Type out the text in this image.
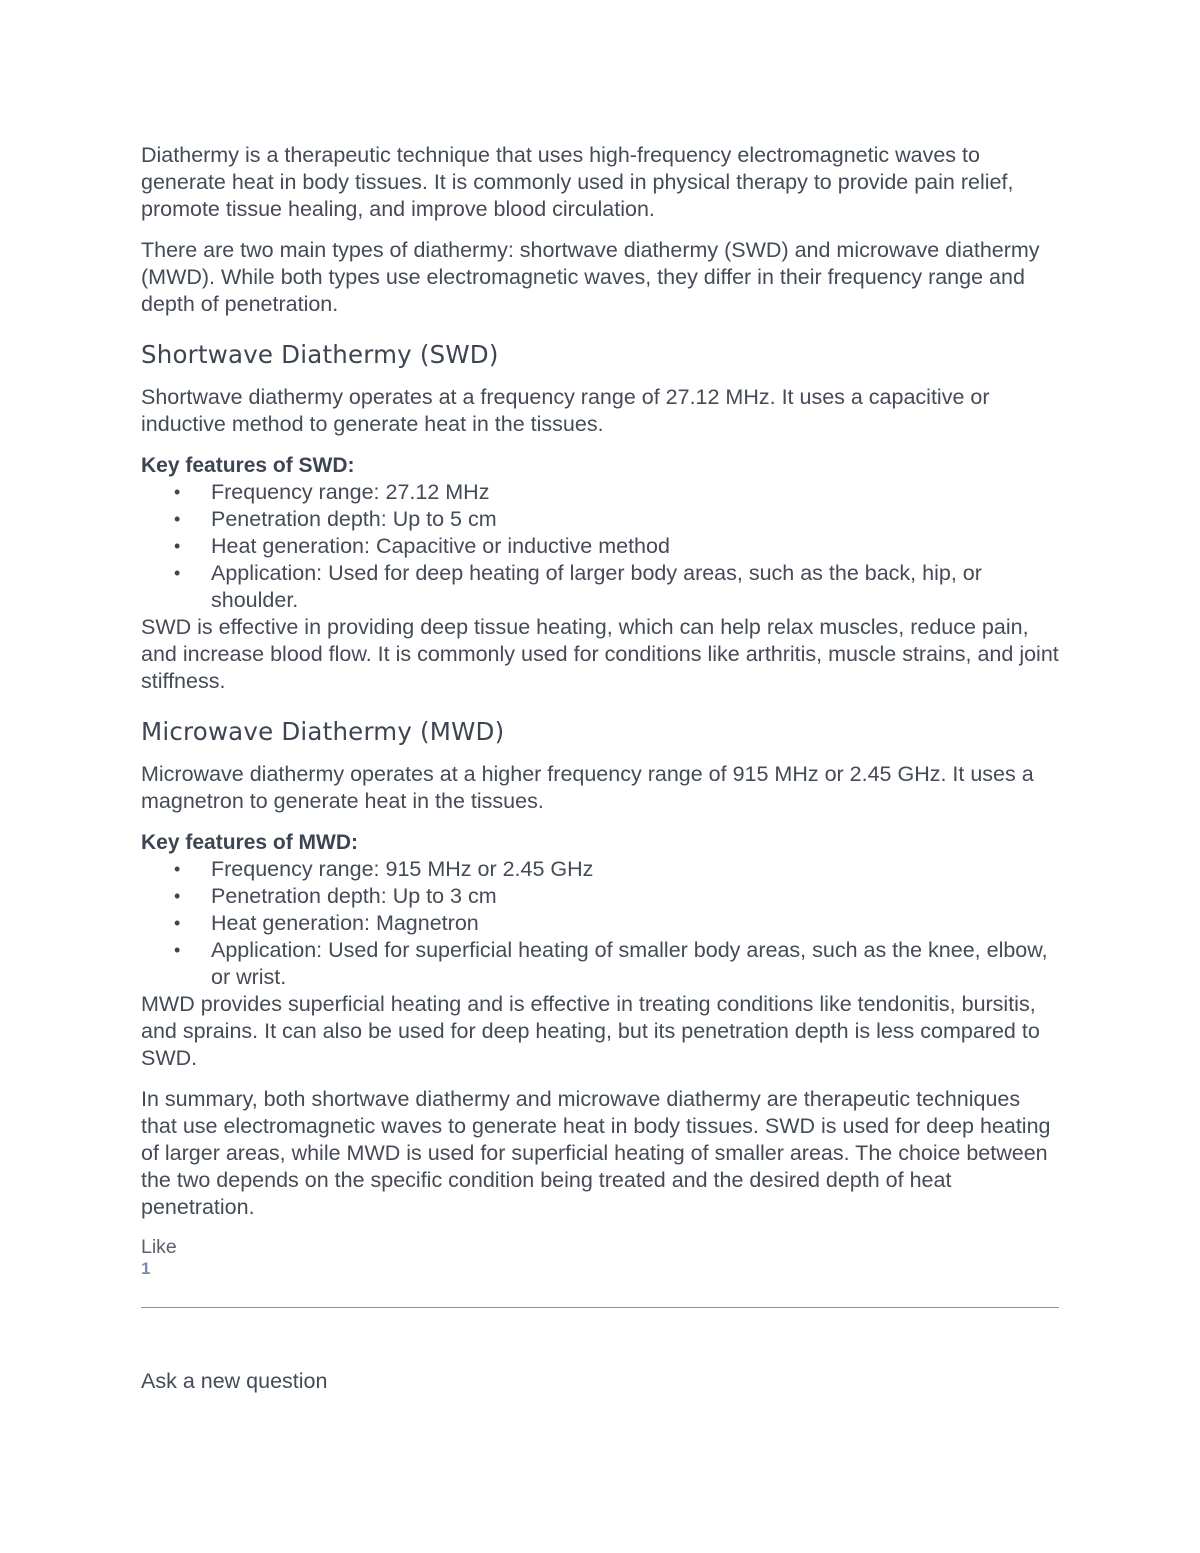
Diathermy is a therapeutic technique that uses high-frequency electromagnetic waves to generate heat in body tissues. It is commonly used in physical therapy to provide pain relief, promote tissue healing, and improve blood circulation.

There are two main types of diathermy: shortwave diathermy (SWD) and microwave diathermy (MWD). While both types use electromagnetic waves, they differ in their frequency range and depth of penetration.

Shortwave Diathermy (SWD)

Shortwave diathermy operates at a frequency range of 27.12 MHz. It uses a capacitive or inductive method to generate heat in the tissues.

Key features of SWD:

• Frequency range: 27.12 MHz
• Penetration depth: Up to 5 cm
• Heat generation: Capacitive or inductive method
• Application: Used for deep heating of larger body areas, such as the back, hip, or shoulder.

SWD is effective in providing deep tissue heating, which can help relax muscles, reduce pain, and increase blood flow. It is commonly used for conditions like arthritis, muscle strains, and joint stiffness.

Microwave Diathermy (MWD)

Microwave diathermy operates at a higher frequency range of 915 MHz or 2.45 GHz. It uses a magnetron to generate heat in the tissues.

Key features of MWD:

• Frequency range: 915 MHz or 2.45 GHz
• Penetration depth: Up to 3 cm
• Heat generation: Magnetron
• Application: Used for superficial heating of smaller body areas, such as the knee, elbow, or wrist.

MWD provides superficial heating and is effective in treating conditions like tendonitis, bursitis, and sprains. It can also be used for deep heating, but its penetration depth is less compared to SWD.

In summary, both shortwave diathermy and microwave diathermy are therapeutic techniques that use electromagnetic waves to generate heat in body tissues. SWD is used for deep heating of larger areas, while MWD is used for superficial heating of smaller areas. The choice between the two depends on the specific condition being treated and the desired depth of heat penetration.

Like
1
Ask a new question
